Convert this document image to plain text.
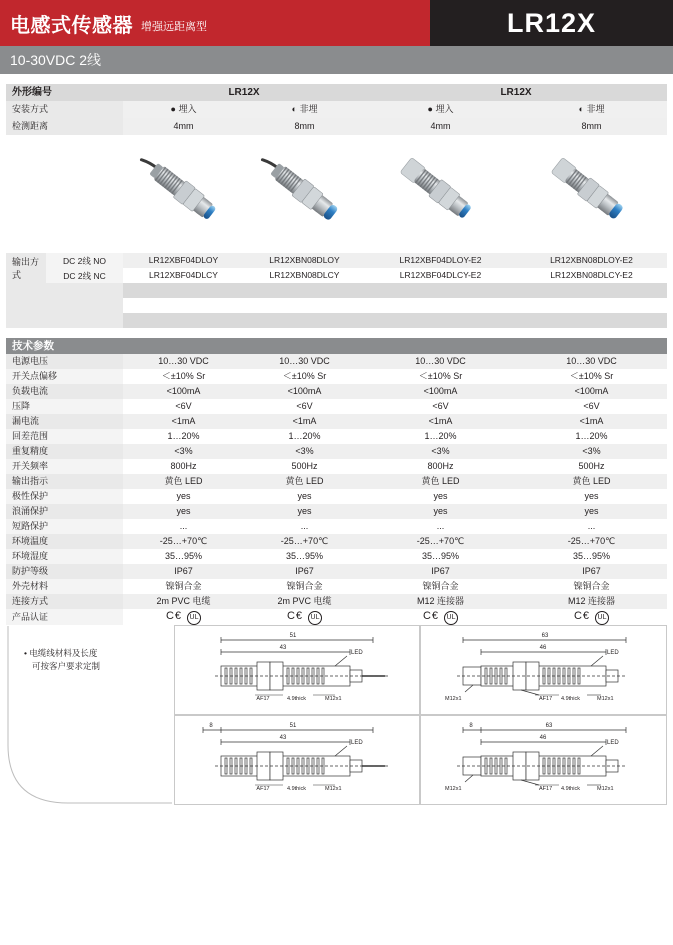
电感式传感器 增强远距离型	LR12X
10-30VDC 2线
外形编号		LR12X		LR12X	
安装方式		● 埋入	◐ 非埋	● 埋入	◐ 非埋
检测距离		4mm	8mm	4mm	8mm

输出方式	DC 2线 NO	LR12XBF04DLOY	LR12XBN08DLOY	LR12XBF04DLOY-E2	LR12XBN08DLOY-E2
	DC 2线 NC	LR12XBF04DLCY	LR12XBN08DLCY	LR12XBF04DLCY-E2	LR12XBN08DLCY-E2

技术参数
电源电压	10…30 VDC	10…30 VDC	10…30 VDC	10…30 VDC
开关点偏移	＜±10% Sr	＜±10% Sr	＜±10% Sr	＜±10% Sr
负载电流	<100mA	<100mA	<100mA	<100mA
压降	<6V	<6V	<6V	<6V
漏电流	<1mA	<1mA	<1mA	<1mA
回差范围	1…20%	1…20%	1…20%	1…20%
重复精度	<3%	<3%	<3%	<3%
开关频率	800Hz	500Hz	800Hz	500Hz
输出指示	黄色 LED	黄色 LED	黄色 LED	黄色 LED
极性保护	yes	yes	yes	yes
浪涌保护	yes	yes	yes	yes
短路保护	...	...	...	...
环境温度	-25…+70℃	-25…+70℃	-25…+70℃	-25…+70℃
环境湿度	35…95%	35…95%	35…95%	35…95%
防护等级	IP67	IP67	IP67	IP67
外壳材料	镍铜合金	镍铜合金	镍铜合金	镍铜合金
连接方式	2m PVC 电缆	2m PVC 电缆	M12 连接器	M12 连接器
产品认证	C€ UL	C€ UL	C€ UL	C€ UL
• 电缆线材料及长度
可按客户要求定制
51
43
LED
AF17	4.9thick	M12x1
8	51
43
LED
AF17	4.9thick	M12x1
63
46
LED
M12x1	AF17 4.9thick	M12x1
8	63
46
LED
M12x1	AF17 4.9thick	M12x1
